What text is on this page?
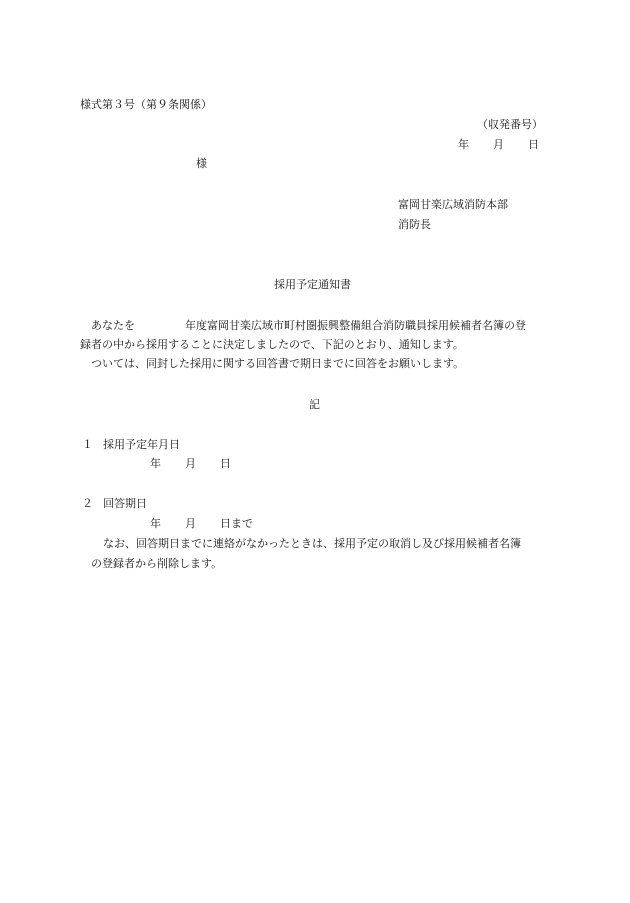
様式第３号（第９条関係）
（収発番号）
年 月 日
様
富岡甘楽広域消防本部
消防長
採用予定通知書
あなたを	年度富岡甘楽広域市町村圏振興整備組合消防職員採用候補者名簿の登
録者の中から採用することに決定しましたので、下記のとおり、通知します。
ついては、同封した採用に関する回答書で期日までに回答をお願いします。
記
１ 採用予定年月日
年 月 日
２ 回答期日
年 月 日まで
なお、回答期日までに連絡がなかったときは、採用予定の取消し及び採用候補者名簿
の登録者から削除します。
